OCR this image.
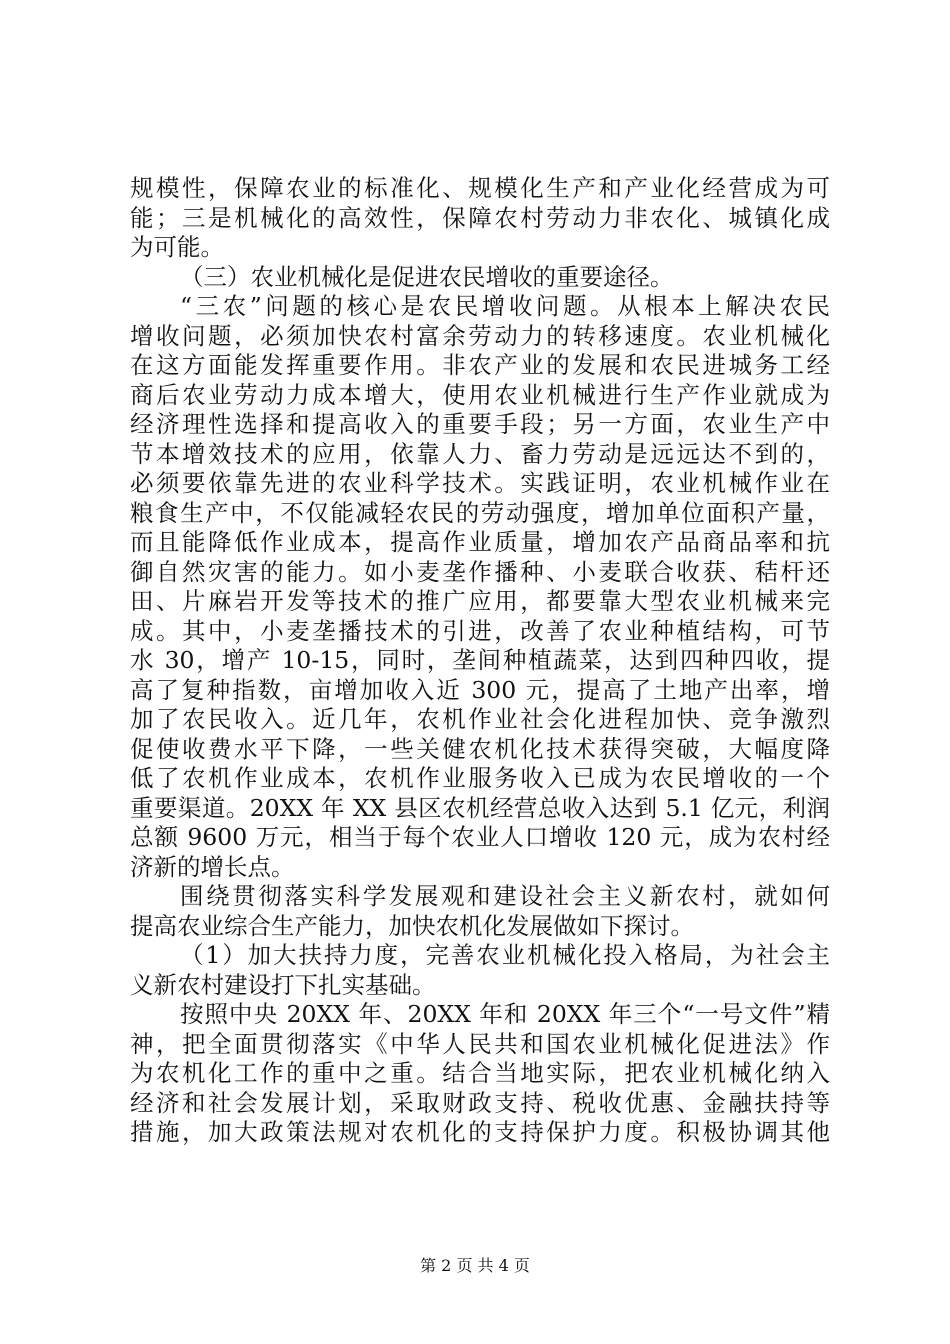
规模性，保障农业的标准化、规模化生产和产业化经营成为可
能；三是机械化的高效性，保障农村劳动力非农化、城镇化成
为可能。
（三）农业机械化是促进农民增收的重要途径。
“三农”问题的核心是农民增收问题。从根本上解决农民
增收问题，必须加快农村富余劳动力的转移速度。农业机械化
在这方面能发挥重要作用。非农产业的发展和农民进城务工经
商后农业劳动力成本增大，使用农业机械进行生产作业就成为
经济理性选择和提高收入的重要手段；另一方面，农业生产中
节本增效技术的应用，依靠人力、畜力劳动是远远达不到的，
必须要依靠先进的农业科学技术。实践证明，农业机械作业在
粮食生产中，不仅能减轻农民的劳动强度，增加单位面积产量，
而且能降低作业成本，提高作业质量，增加农产品商品率和抗
御自然灾害的能力。如小麦垄作播种、小麦联合收获、秸杆还
田、片麻岩开发等技术的推广应用，都要靠大型农业机械来完
成。其中，小麦垄播技术的引进，改善了农业种植结构，可节
水 30，增产 10-15，同时，垄间种植蔬菜，达到四种四收，提
高了复种指数，亩增加收入近 300 元，提高了土地产出率，增
加了农民收入。近几年，农机作业社会化进程加快、竞争激烈
促使收费水平下降，一些关健农机化技术获得突破，大幅度降
低了农机作业成本，农机作业服务收入已成为农民增收的一个
重要渠道。20XX 年 XX 县区农机经营总收入达到 5.1 亿元，利润
总额 9600 万元，相当于每个农业人口增收 120 元，成为农村经
济新的增长点。
围绕贯彻落实科学发展观和建设社会主义新农村，就如何
提高农业综合生产能力，加快农机化发展做如下探讨。
（1）加大扶持力度，完善农业机械化投入格局，为社会主
义新农村建设打下扎实基础。
按照中央 20XX 年、20XX 年和 20XX 年三个“一号文件”精
神，把全面贯彻落实《中华人民共和国农业机械化促进法》作
为农机化工作的重中之重。结合当地实际，把农业机械化纳入
经济和社会发展计划，采取财政支持、税收优惠、金融扶持等
措施，加大政策法规对农机化的支持保护力度。积极协调其他
第 2 页 共 4 页
